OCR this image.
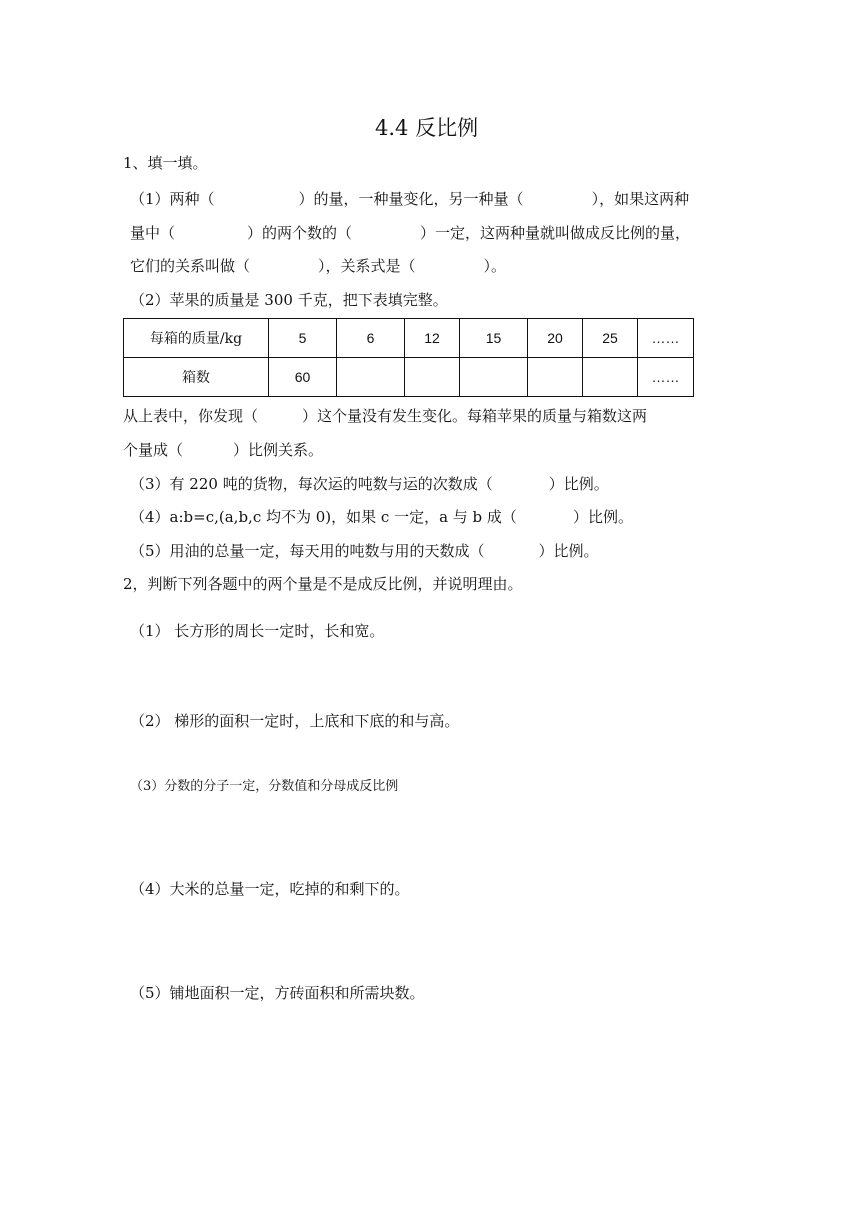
4.4 反比例
1、填一填。
（1）两种（	）的量，一种量变化，另一种量（	），如果这两种
量中（	）的两个数的（	）一定，这两种量就叫做成反比例的量，
它们的关系叫做（	），关系式是（	）。
（2）苹果的质量是 300 千克，把下表填完整。
每箱的质量/kg	5	6	12	15	20	25	……
箱数	60						……
从上表中，你发现（	）这个量没有发生变化。每箱苹果的质量与箱数这两
个量成（	）比例关系。
（3）有 220 吨的货物，每次运的吨数与运的次数成（	）比例。
（4）a:b=c,(a,b,c 均不为 0)，如果 c 一定，a 与 b 成（	）比例。
（5）用油的总量一定，每天用的吨数与用的天数成（	）比例。
2，判断下列各题中的两个量是不是成反比例，并说明理由。
（1） 长方形的周长一定时，长和宽。
（2） 梯形的面积一定时，上底和下底的和与高。
（3）分数的分子一定，分数值和分母成反比例
（4）大米的总量一定，吃掉的和剩下的。
（5）铺地面积一定，方砖面积和所需块数。
